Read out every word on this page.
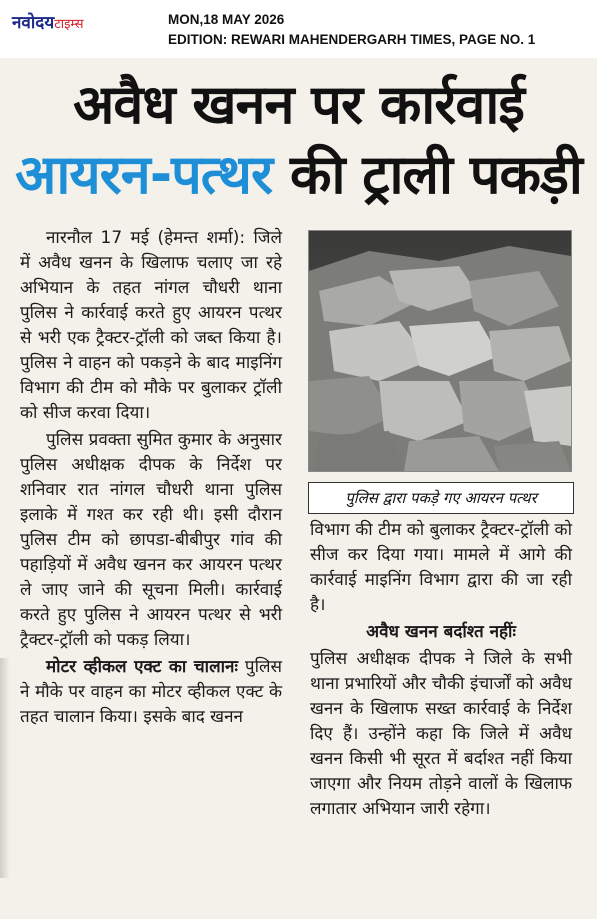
नवोदयटाइम्स	MON,18 MAY 2026
EDITION: REWARI MAHENDERGARH TIMES, PAGE NO. 1
अवैध खनन पर कार्रवाई
आयरन-पत्थर की ट्राली पकड़ी

नारनौल 17 मई (हेमन्त शर्मा): जिले में अवैध खनन के खिलाफ चलाए जा रहे अभियान के तहत नांगल चौधरी थाना पुलिस ने कार्रवाई करते हुए आयरन पत्थर से भरी एक ट्रैक्टर-ट्रॉली को जब्त किया है। पुलिस ने वाहन को पकड़ने के बाद माइनिंग विभाग की टीम को मौके पर बुलाकर ट्रॉली को सीज करवा दिया।

पुलिस प्रवक्ता सुमित कुमार के अनुसार पुलिस अधीक्षक दीपक के निर्देश पर शनिवार रात नांगल चौधरी थाना पुलिस इलाके में गश्त कर रही थी। इसी दौरान पुलिस टीम को छापडा-बीबीपुर गांव की पहाड़ियों में अवैध खनन कर आयरन पत्थर ले जाए जाने की सूचना मिली। कार्रवाई करते हुए पुलिस ने आयरन पत्थर से भरी ट्रैक्टर-ट्रॉली को पकड़ लिया।

मोटर व्हीकल एक्ट का चालानः पुलिस ने मौके पर वाहन का मोटर व्हीकल एक्ट के तहत चालान किया। इसके बाद खनन

पुलिस द्वारा पकड़े गए आयरन पत्थर

विभाग की टीम को बुलाकर ट्रैक्टर-ट्रॉली को सीज कर दिया गया। मामले में आगे की कार्रवाई माइनिंग विभाग द्वारा की जा रही है।

अवैध खनन बर्दाश्त नहींः

पुलिस अधीक्षक दीपक ने जिले के सभी थाना प्रभारियों और चौकी इंचार्जों को अवैध खनन के खिलाफ सख्त कार्रवाई के निर्देश दिए हैं। उन्होंने कहा कि जिले में अवैध खनन किसी भी सूरत में बर्दाश्त नहीं किया जाएगा और नियम तोड़ने वालों के खिलाफ लगातार अभियान जारी रहेगा।
